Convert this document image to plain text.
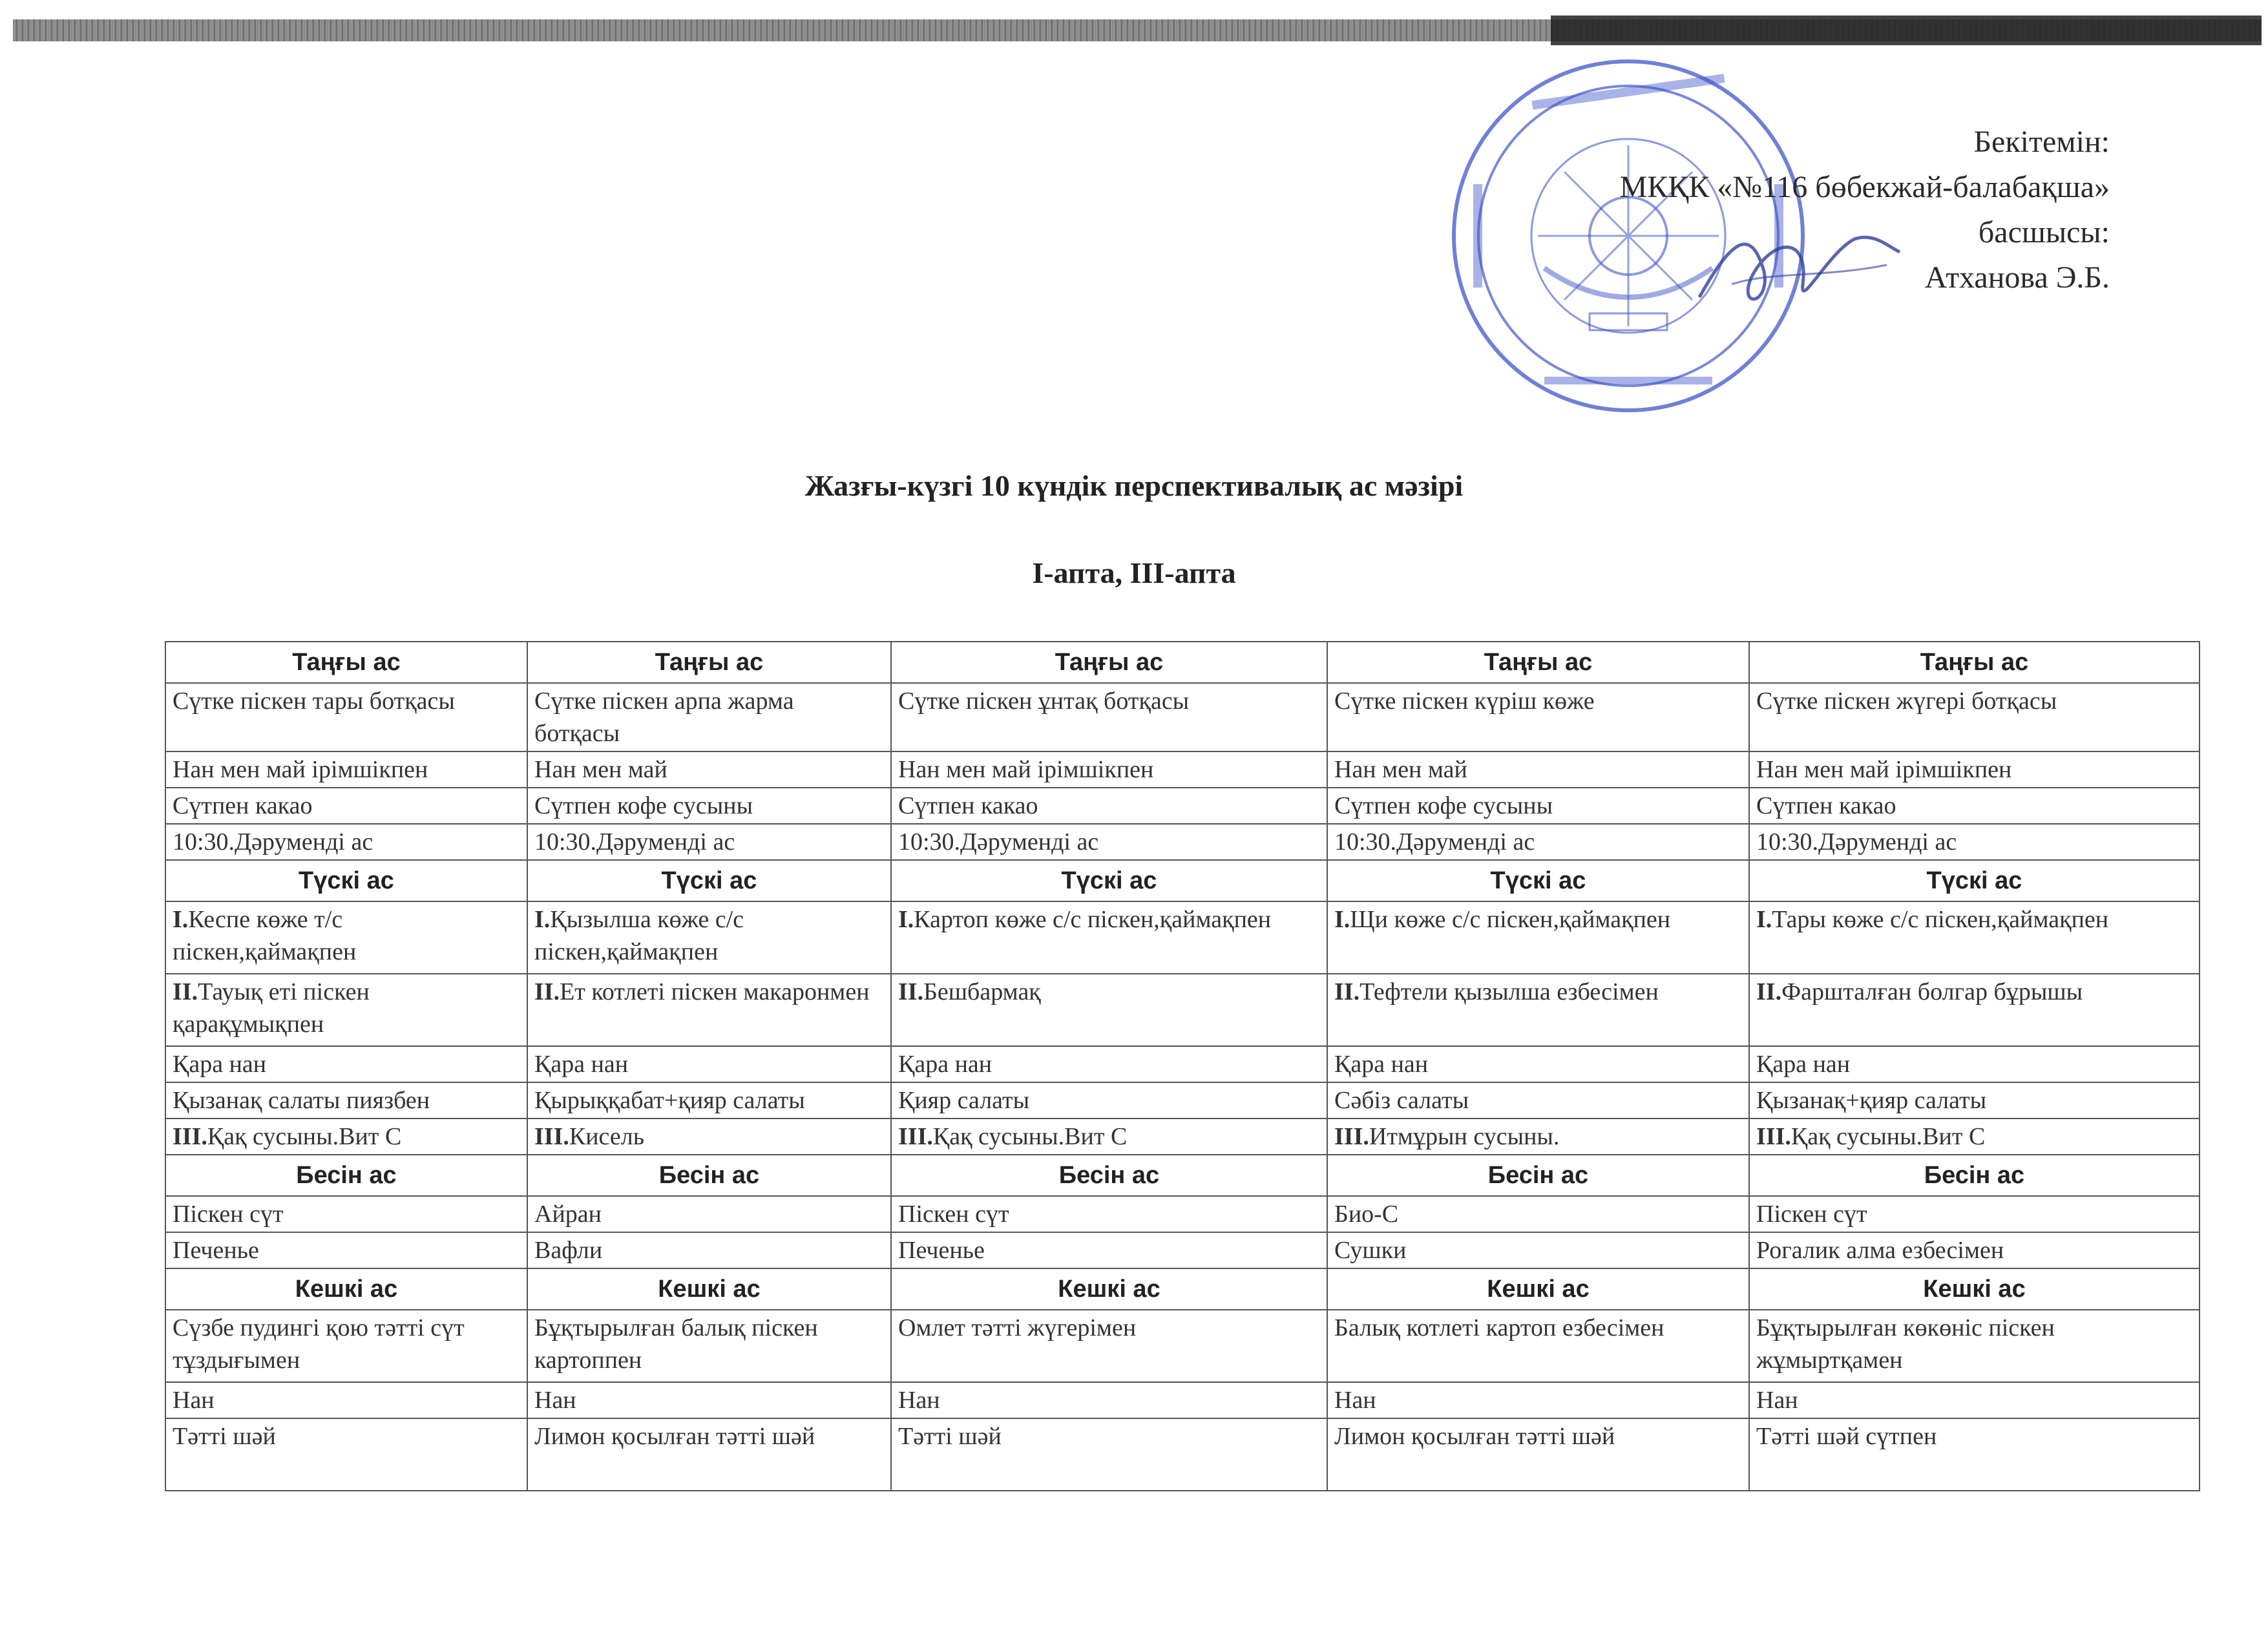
Бекітемін:
МКҚК «№116 бөбекжай-балабақша»
басшысы:
Атханова Э.Б.
Жазғы-күзгі 10 күндік перспективалық ас мәзірі
I-апта, III-апта
Таңғы ас	Таңғы ас	Таңғы ас	Таңғы ас	Таңғы ас
Сүтке піскен тары ботқасы	Сүтке піскен арпа жарма ботқасы	Сүтке піскен ұнтақ ботқасы	Сүтке піскен күріш көже	Сүтке піскен жүгері ботқасы
Нан мен май ірімшікпен	Нан мен май	Нан мен май ірімшікпен	Нан мен май	Нан мен май ірімшікпен
Сүтпен какао	Сүтпен кофе сусыны	Сүтпен какао	Сүтпен кофе сусыны	Сүтпен какао
10:30.Дәруменді ас	10:30.Дәруменді ас	10:30.Дәруменді ас	10:30.Дәруменді ас	10:30.Дәруменді ас
Түскі ас	Түскі ас	Түскі ас	Түскі ас	Түскі ас
I.Кеспе көже т/с піскен,қаймақпен	I.Қызылша көже с/с піскен,қаймақпен	I.Картоп көже с/с піскен,қаймақпен	I.Щи көже с/с піскен,қаймақпен	I.Тары көже с/с піскен,қаймақпен
II.Тауық еті піскен қарақұмықпен	II.Ет котлеті піскен макаронмен	II.Бешбармақ	II.Тефтели қызылша езбесімен	II.Фаршталған болгар бұрышы
Қара нан	Қара нан	Қара нан	Қара нан	Қара нан
Қызанақ салаты пиязбен	Қырыққабат+қияр салаты	Қияр салаты	Сәбіз салаты	Қызанақ+қияр салаты
III.Қақ сусыны.Вит С	III.Кисель	III.Қақ сусыны.Вит С	III.Итмұрын сусыны.	III.Қақ сусыны.Вит С
Бесін ас	Бесін ас	Бесін ас	Бесін ас	Бесін ас
Піскен сүт	Айран	Піскен сүт	Био-С	Піскен сүт
Печенье	Вафли	Печенье	Сушки	Рогалик алма езбесімен
Кешкі ас	Кешкі ас	Кешкі ас	Кешкі ас	Кешкі ас
Сүзбе пудингі қою тәтті сүт тұздығымен	Бұқтырылған балық піскен картоппен	Омлет тәтті жүгерімен	Балық котлеті картоп езбесімен	Бұқтырылған көкөніс піскен жұмыртқамен
Нан	Нан	Нан	Нан	Нан
Тәтті шәй	Лимон қосылған тәтті шәй	Тәтті шәй	Лимон қосылған тәтті шәй	Тәтті шәй сүтпен
